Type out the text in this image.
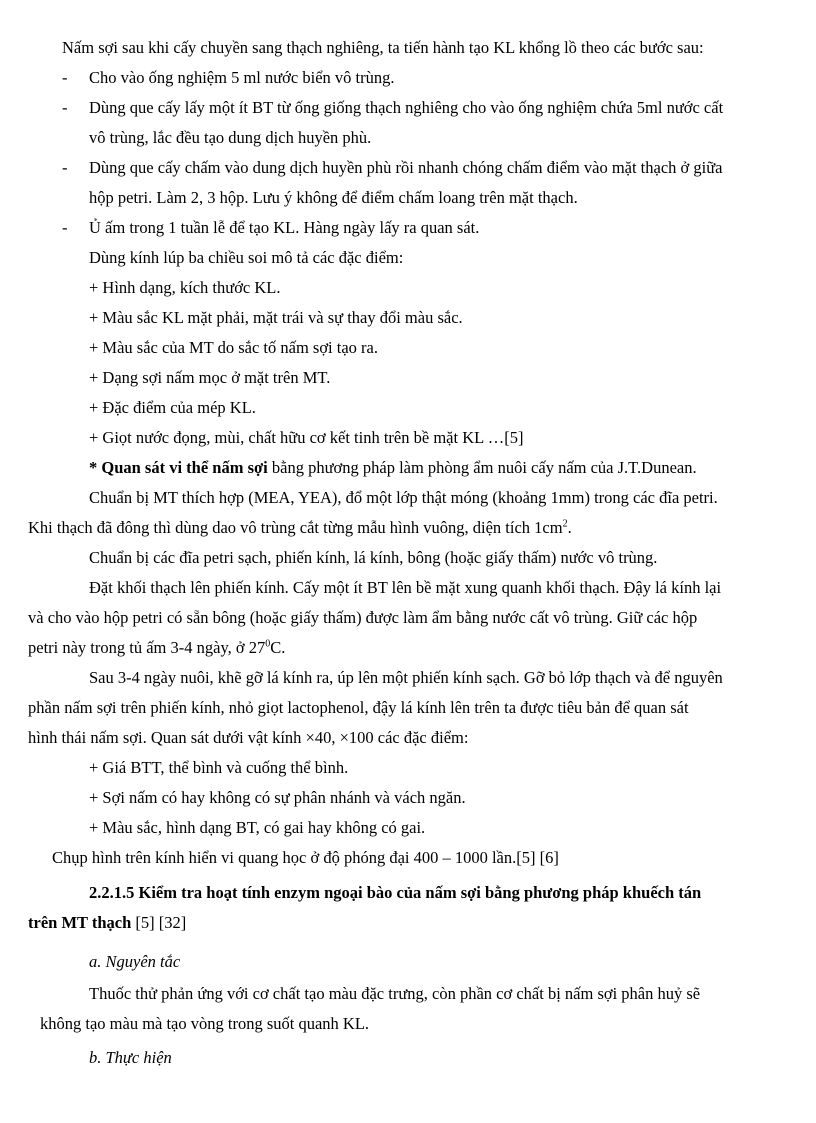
Nấm sợi sau khi cấy chuyền sang thạch nghiêng, ta tiến hành tạo KL khổng lồ theo các bước sau:
- Cho vào ống nghiệm 5 ml nước biển vô trùng.
- Dùng que cấy lấy một ít BT từ ống giống thạch nghiêng cho vào ống nghiệm chứa 5ml nước cất
vô trùng, lắc đều tạo dung dịch huyền phù.
- Dùng que cấy chấm vào dung dịch huyền phù rồi nhanh chóng chấm điểm vào mặt thạch ở giữa
hộp petri. Làm 2, 3 hộp. Lưu ý không để điểm chấm loang trên mặt thạch.
- Ủ ấm trong 1 tuần lễ để tạo KL. Hàng ngày lấy ra quan sát.
Dùng kính lúp ba chiều soi mô tả các đặc điểm:
+ Hình dạng, kích thước KL.
+ Màu sắc KL mặt phải, mặt trái và sự thay đổi màu sắc.
+ Màu sắc của MT do sắc tố nấm sợi tạo ra.
+ Dạng sợi nấm mọc ở mặt trên MT.
+ Đặc điểm của mép KL.
+ Giọt nước đọng, mùi, chất hữu cơ kết tinh trên bề mặt KL …[5]
* Quan sát vi thể nấm sợi bằng phương pháp làm phòng ẩm nuôi cấy nấm của J.T.Dunean.
Chuẩn bị MT thích hợp (MEA, YEA), đổ một lớp thật móng (khoảng 1mm) trong các đĩa petri.
Khi thạch đã đông thì dùng dao vô trùng cắt từng mẫu hình vuông, diện tích $1cm^2$.
Chuẩn bị các đĩa petri sạch, phiến kính, lá kính, bông (hoặc giấy thấm) nước vô trùng.
Đặt khối thạch lên phiến kính. Cấy một ít BT lên bề mặt xung quanh khối thạch. Đậy lá kính lại
và cho vào hộp petri có sẵn bông (hoặc giấy thấm) được làm ẩm bằng nước cất vô trùng. Giữ các hộp
petri này trong tủ ấm 3-4 ngày, ở $27^0C$.
Sau 3-4 ngày nuôi, khẽ gỡ lá kính ra, úp lên một phiến kính sạch. Gỡ bỏ lớp thạch và để nguyên
phần nấm sợi trên phiến kính, nhỏ giọt lactophenol, đậy lá kính lên trên ta được tiêu bản để quan sát
hình thái nấm sợi. Quan sát dưới vật kính ×40, ×100 các đặc điểm:
+ Giá BTT, thể bình và cuống thể bình.
+ Sợi nấm có hay không có sự phân nhánh và vách ngăn.
+ Màu sắc, hình dạng BT, có gai hay không có gai.
Chụp hình trên kính hiển vi quang học ở độ phóng đại 400 – 1000 lần.[5] [6]
2.2.1.5 Kiểm tra hoạt tính enzym ngoại bào của nấm sợi bằng phương pháp khuếch tán
trên MT thạch [5] [32]
a. Nguyên tắc
Thuốc thử phản ứng với cơ chất tạo màu đặc trưng, còn phần cơ chất bị nấm sợi phân huỷ sẽ
không tạo màu mà tạo vòng trong suốt quanh KL.
b. Thực hiện
